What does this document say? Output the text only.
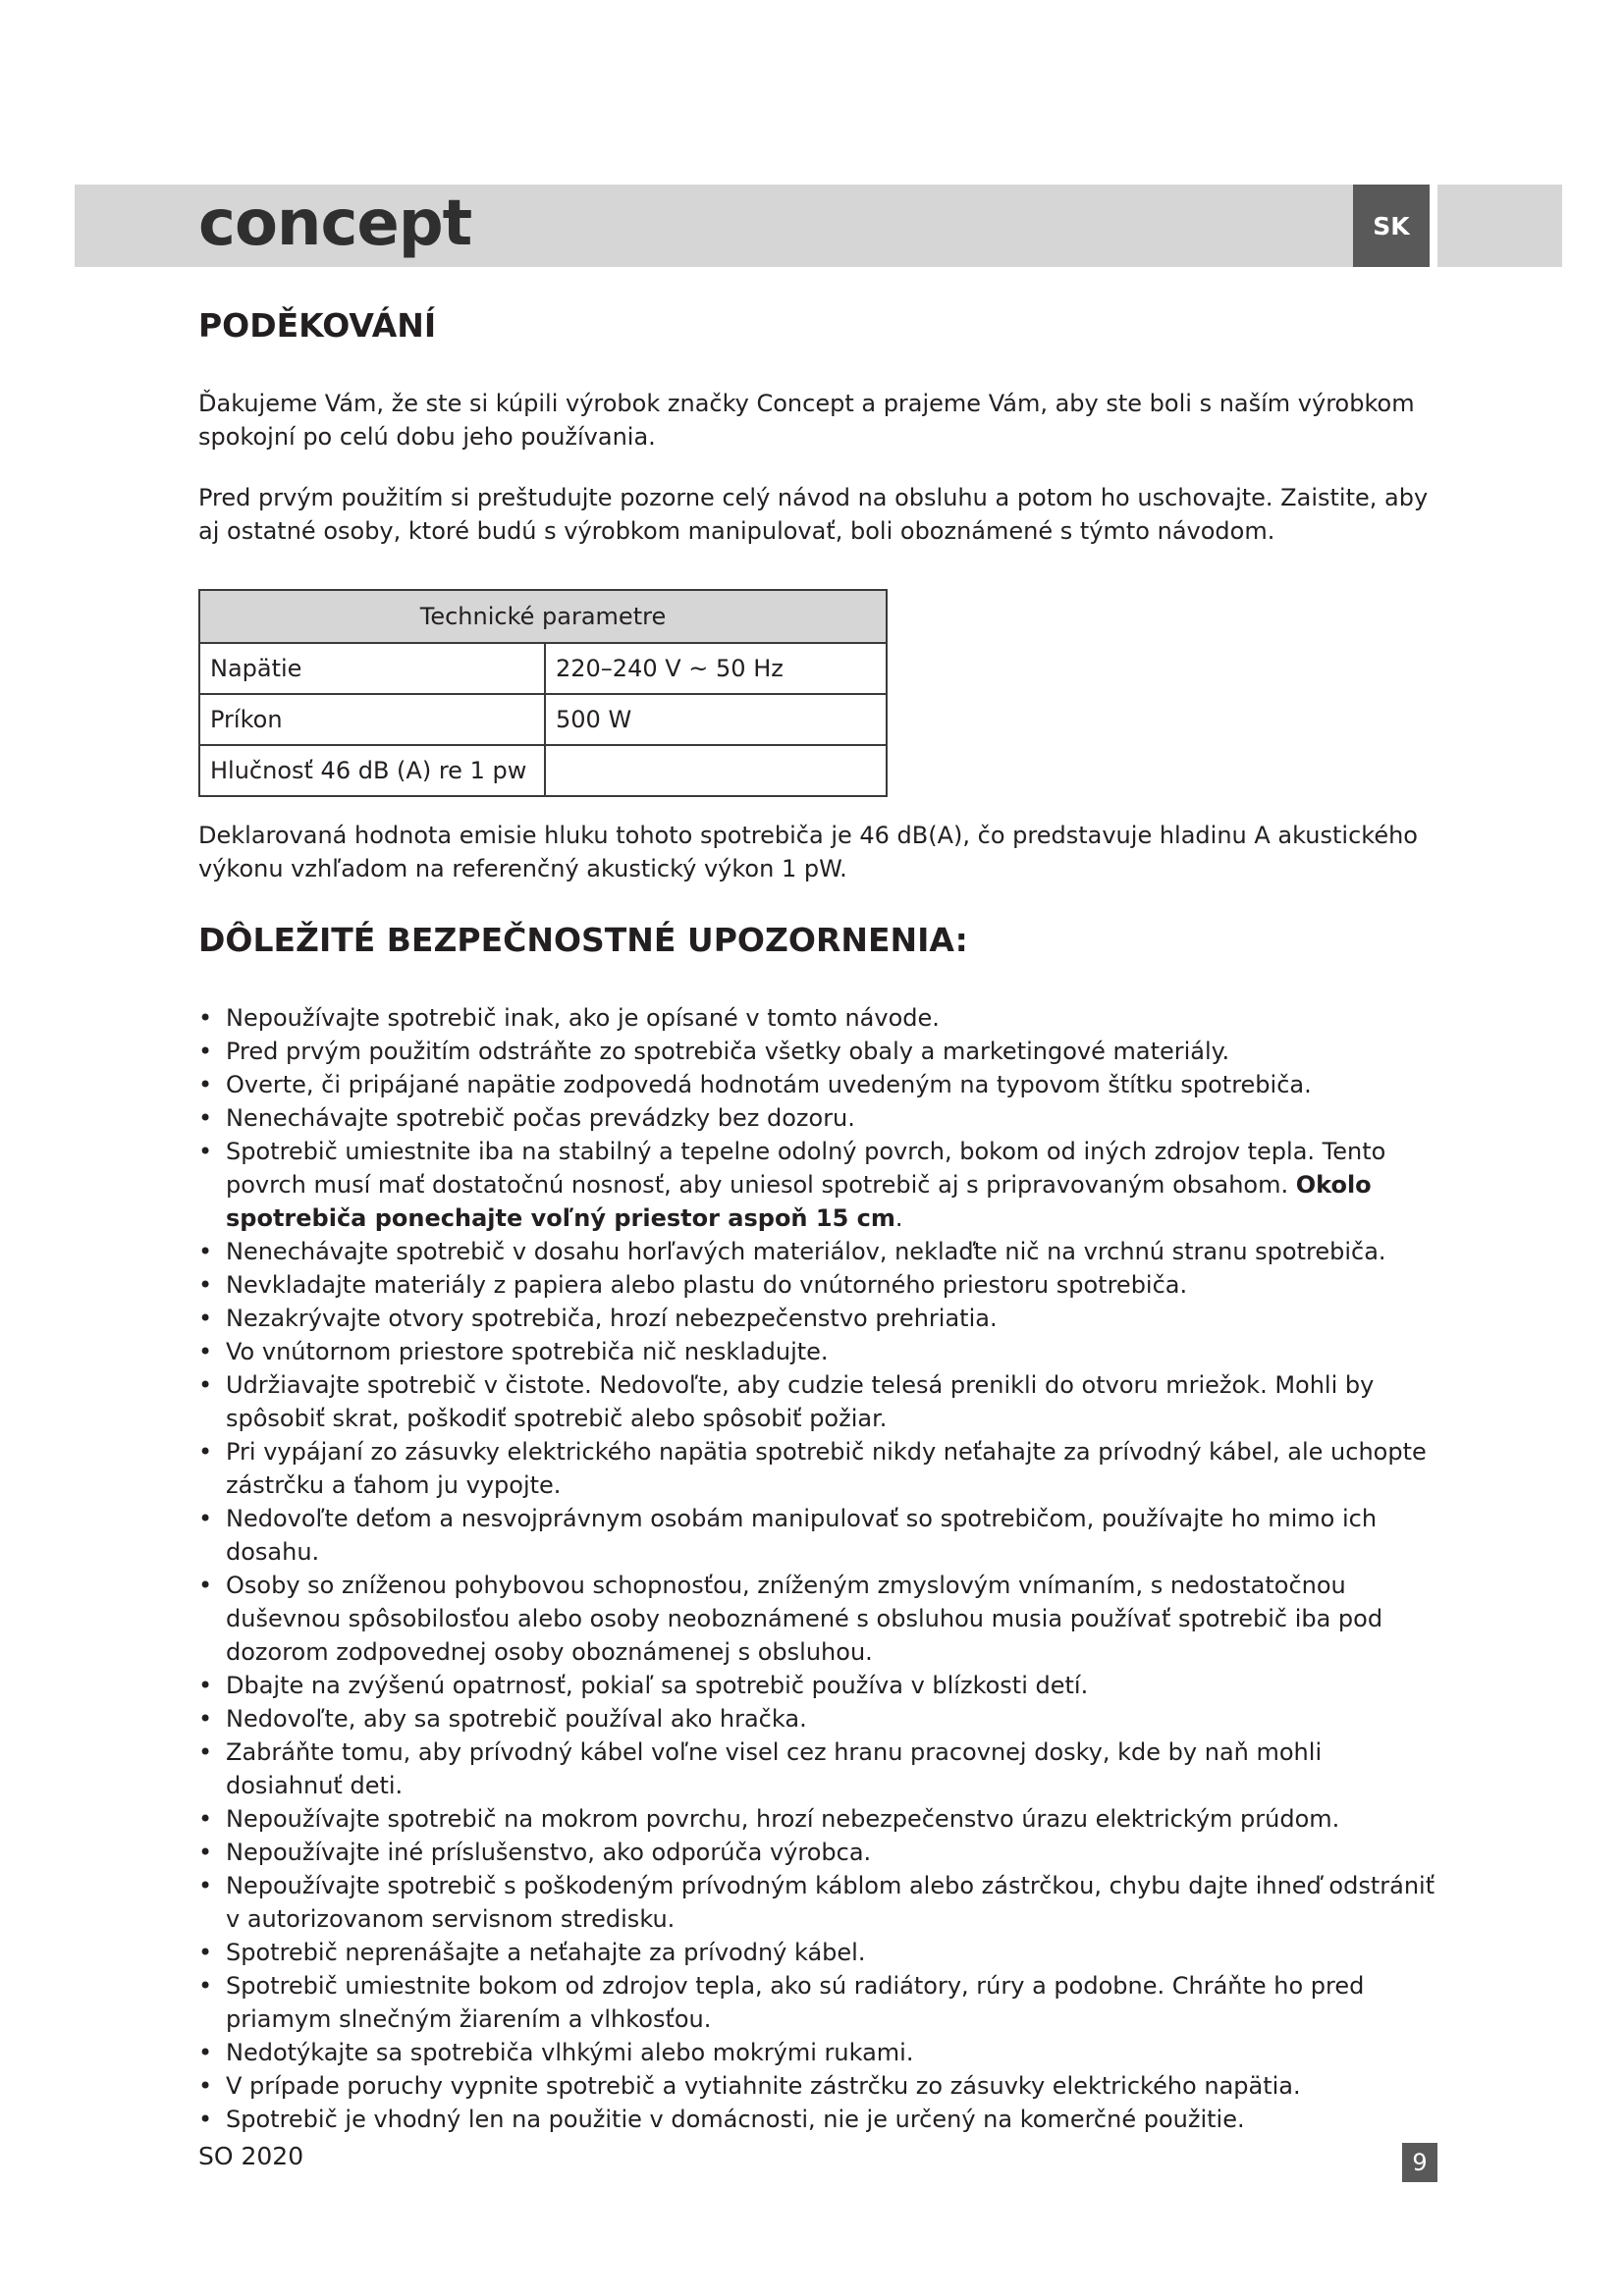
concept	SK
PODĚKOVÁNÍ

Ďakujeme Vám, že ste si kúpili výrobok značky Concept a prajeme Vám, aby ste boli s naším výrobkom spokojní po celú dobu jeho používania.

Pred prvým použitím si preštudujte pozorne celý návod na obsluhu a potom ho uschovajte. Zaistite, aby aj ostatné osoby, ktoré budú s výrobkom manipulovať, boli oboznámené s týmto návodom.

Technické parametre	
Napätie	220–240 V ~ 50 Hz
Príkon	500 W
Hlučnosť 46 dB (A) re 1 pw	

Deklarovaná hodnota emisie hluku tohoto spotrebiča je 46 dB(A), čo predstavuje hladinu A akustického výkonu vzhľadom na referenčný akustický výkon 1 pW.

DÔLEŽITÉ BEZPEČNOSTNÉ UPOZORNENIA:
• Nepoužívajte spotrebič inak, ako je opísané v tomto návode.
• Pred prvým použitím odstráňte zo spotrebiča všetky obaly a marketingové materiály.
• Overte, či pripájané napätie zodpovedá hodnotám uvedeným na typovom štítku spotrebiča.
• Nenechávajte spotrebič počas prevádzky bez dozoru.
• Spotrebič umiestnite iba na stabilný a tepelne odolný povrch, bokom od iných zdrojov tepla. Tento povrch musí mať dostatočnú nosnosť, aby uniesol spotrebič aj s pripravovaným obsahom. Okolo spotrebiča ponechajte voľný priestor aspoň 15 cm.
• Nenechávajte spotrebič v dosahu horľavých materiálov, neklaďte nič na vrchnú stranu spotrebiča.
• Nevkladajte materiály z papiera alebo plastu do vnútorného priestoru spotrebiča.
• Nezakrývajte otvory spotrebiča, hrozí nebezpečenstvo prehriatia.
• Vo vnútornom priestore spotrebiča nič neskladujte.
• Udržiavajte spotrebič v čistote. Nedovoľte, aby cudzie telesá prenikli do otvoru mriežok. Mohli by spôsobiť skrat, poškodiť spotrebič alebo spôsobiť požiar.
• Pri vypájaní zo zásuvky elektrického napätia spotrebič nikdy neťahajte za prívodný kábel, ale uchopte zástrčku a ťahom ju vypojte.
• Nedovoľte deťom a nesvojprávnym osobám manipulovať so spotrebičom, používajte ho mimo ich dosahu.
• Osoby so zníženou pohybovou schopnosťou, zníženým zmyslovým vnímaním, s nedostatočnou duševnou spôsobilosťou alebo osoby neoboznámené s obsluhou musia používať spotrebič iba pod dozorom zodpovednej osoby oboznámenej s obsluhou.
• Dbajte na zvýšenú opatrnosť, pokiaľ sa spotrebič používa v blízkosti detí.
• Nedovoľte, aby sa spotrebič používal ako hračka.
• Zabráňte tomu, aby prívodný kábel voľne visel cez hranu pracovnej dosky, kde by naň mohli dosiahnuť deti.
• Nepoužívajte spotrebič na mokrom povrchu, hrozí nebezpečenstvo úrazu elektrickým prúdom.
• Nepoužívajte iné príslušenstvo, ako odporúča výrobca.
• Nepoužívajte spotrebič s poškodeným prívodným káblom alebo zástrčkou, chybu dajte ihneď odstrániť v autorizovanom servisnom stredisku.
• Spotrebič neprenášajte a neťahajte za prívodný kábel.
• Spotrebič umiestnite bokom od zdrojov tepla, ako sú radiátory, rúry a podobne. Chráňte ho pred priamym slnečným žiarením a vlhkosťou.
• Nedotýkajte sa spotrebiča vlhkými alebo mokrými rukami.
• V prípade poruchy vypnite spotrebič a vytiahnite zástrčku zo zásuvky elektrického napätia.
• Spotrebič je vhodný len na použitie v domácnosti, nie je určený na komerčné použitie.
SO 2020	9
